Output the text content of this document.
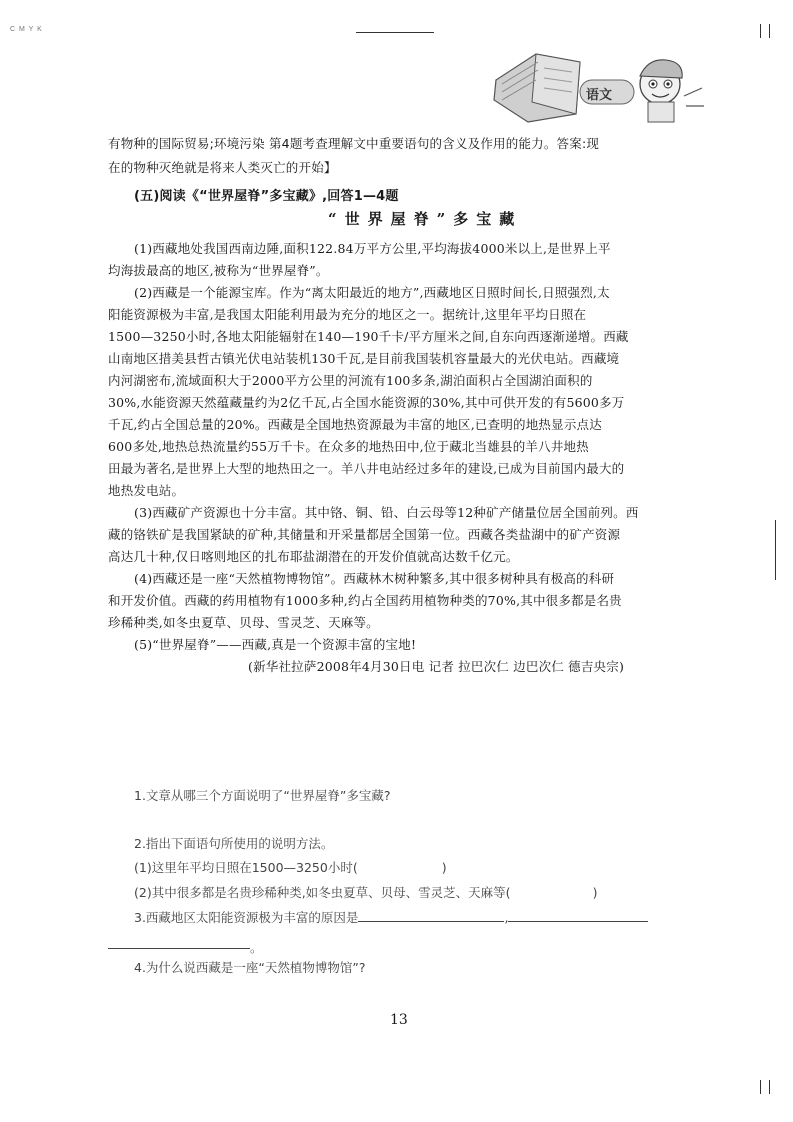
C M Y K
语文
有物种的国际贸易;环境污染 第4题考查理解文中重要语句的含义及作用的能力。答案:现
在的物种灭绝就是将来人类灭亡的开始】
(五)阅读《“世界屋脊”多宝藏》,回答1—4题
“世界屋脊”多宝藏
(1)西藏地处我国西南边陲,面积122.84万平方公里,平均海拔4000米以上,是世界上平
均海拔最高的地区,被称为“世界屋脊”。
(2)西藏是一个能源宝库。作为“离太阳最近的地方”,西藏地区日照时间长,日照强烈,太
阳能资源极为丰富,是我国太阳能利用最为充分的地区之一。据统计,这里年平均日照在
1500—3250小时,各地太阳能辐射在140—190千卡/平方厘米之间,自东向西逐渐递增。西藏
山南地区措美县哲古镇光伏电站装机130千瓦,是目前我国装机容量最大的光伏电站。西藏境
内河湖密布,流域面积大于2000平方公里的河流有100多条,湖泊面积占全国湖泊面积的
30%,水能资源天然蕴藏量约为2亿千瓦,占全国水能资源的30%,其中可供开发的有5600多万
千瓦,约占全国总量的20%。西藏是全国地热资源最为丰富的地区,已查明的地热显示点达
600多处,地热总热流量约55万千卡。在众多的地热田中,位于藏北当雄县的羊八井地热
田最为著名,是世界上大型的地热田之一。羊八井电站经过多年的建设,已成为目前国内最大的
地热发电站。
(3)西藏矿产资源也十分丰富。其中铬、铜、铅、白云母等12种矿产储量位居全国前列。西
藏的铬铁矿是我国紧缺的矿种,其储量和开采量都居全国第一位。西藏各类盐湖中的矿产资源
高达几十种,仅日喀则地区的扎布耶盐湖潜在的开发价值就高达数千亿元。
(4)西藏还是一座“天然植物博物馆”。西藏林木树种繁多,其中很多树种具有极高的科研
和开发价值。西藏的药用植物有1000多种,约占全国药用植物种类的70%,其中很多都是名贵
珍稀种类,如冬虫夏草、贝母、雪灵芝、天麻等。
(5)“世界屋脊”——西藏,真是一个资源丰富的宝地!
(新华社拉萨2008年4月30日电 记者 拉巴次仁 边巴次仁 德吉央宗)
1.文章从哪三个方面说明了“世界屋脊”多宝藏?
2.指出下面语句所使用的说明方法。
(1)这里年平均日照在1500—3250小时(	)
(2)其中很多都是名贵珍稀种类,如冬虫夏草、贝母、雪灵芝、天麻等(	)
3.西藏地区太阳能资源极为丰富的原因是	,
。
4.为什么说西藏是一座“天然植物博物馆”?
13
